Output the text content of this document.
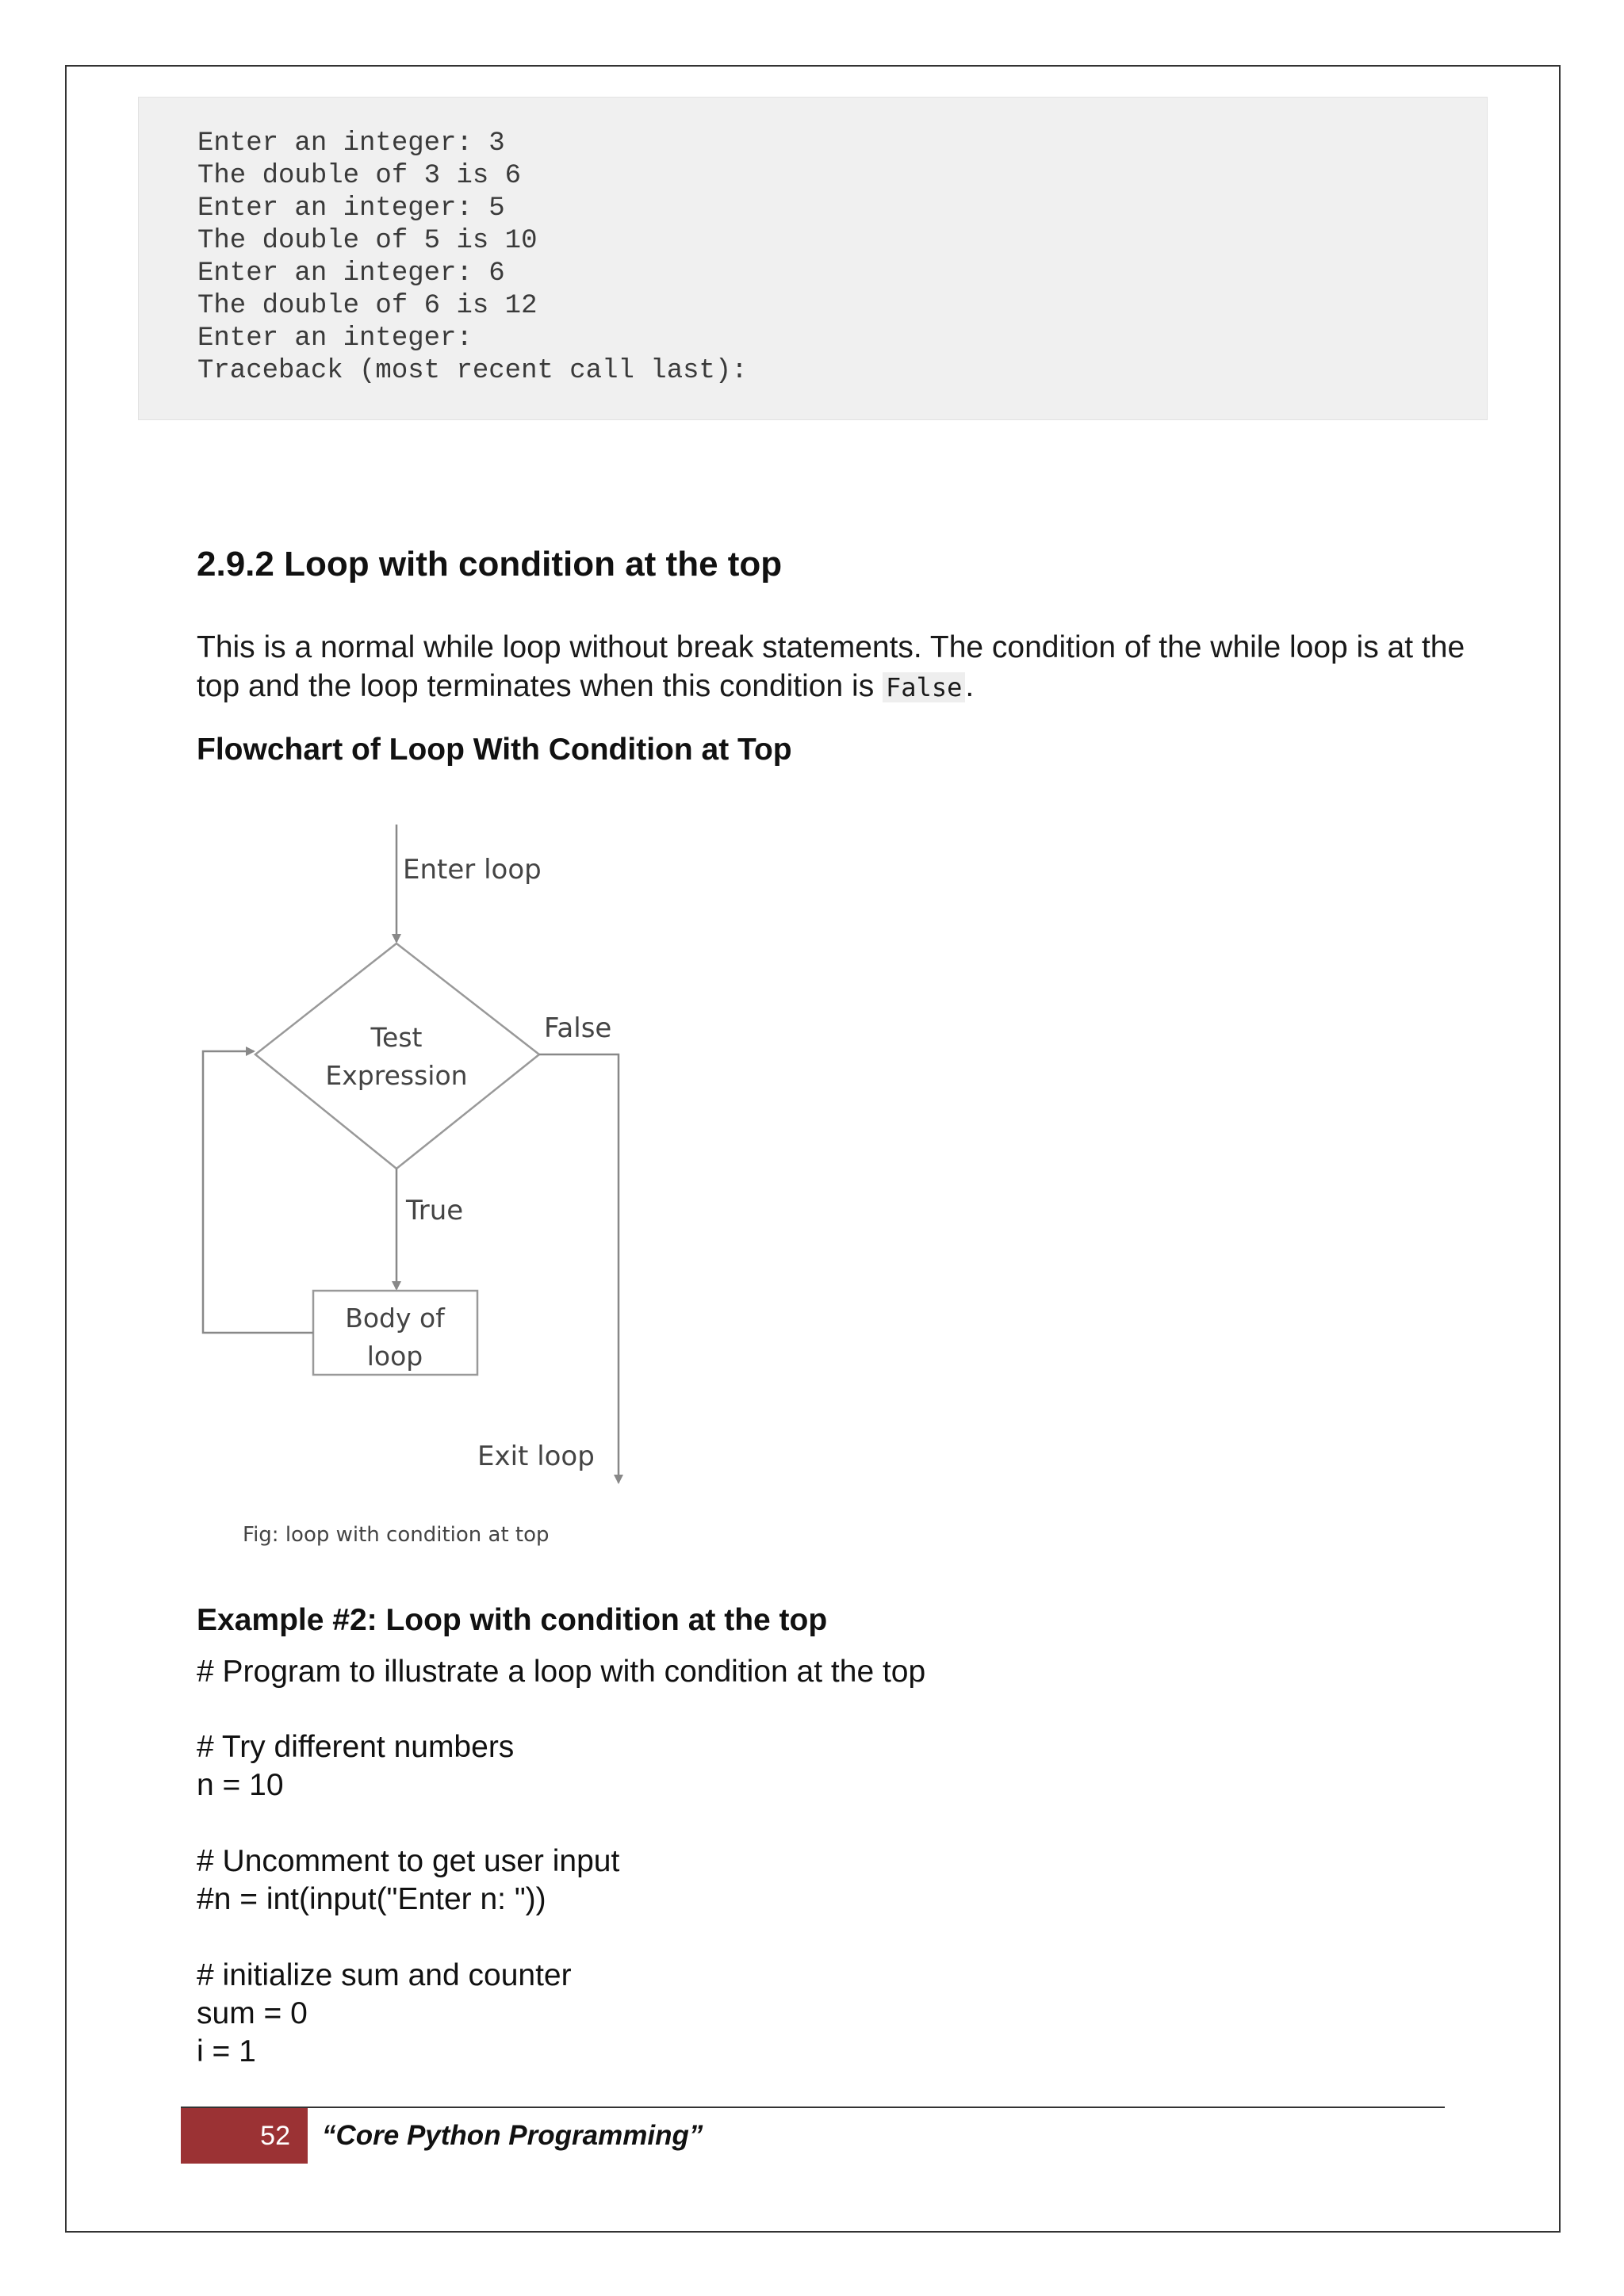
Enter an integer: 3
The double of 3 is 6
Enter an integer: 5
The double of 5 is 10
Enter an integer: 6
The double of 6 is 12
Enter an integer:
Traceback (most recent call last):
2.9.2 Loop with condition at the top

This is a normal while loop without break statements. The condition of the while loop is at the top and the loop terminates when this condition is False .

Flowchart of Loop With Condition at Top
Enter loop
Test
Expression
False
True
Body of
loop
Exit loop
Fig: loop with condition at top
Example #2: Loop with condition at the top

# Program to illustrate a loop with condition at the top

# Try different numbers

n = 10

# Uncomment to get user input

#n = int(input("Enter n: "))

# initialize sum and counter

sum = 0

i = 1

52	“Core Python Programming”
